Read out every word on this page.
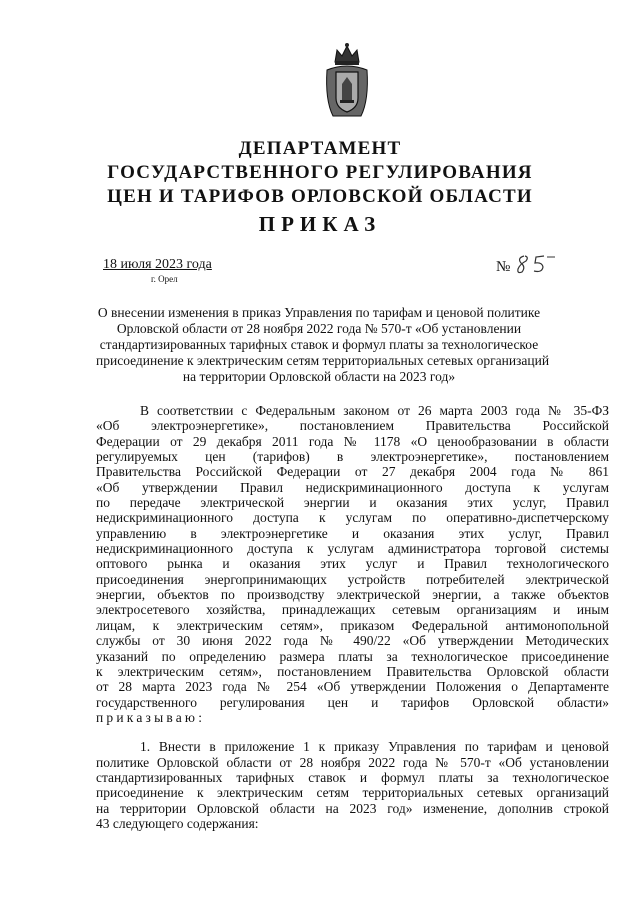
ДЕПАРТАМЕНТ
ГОСУДАРСТВЕННОГО РЕГУЛИРОВАНИЯ
ЦЕН И ТАРИФОВ ОРЛОВСКОЙ ОБЛАСТИ
ПРИКАЗ
18 июля 2023 года
г. Орел
№
О внесении изменения в приказ Управления по тарифам и ценовой политике
Орловской области от 28 ноября 2022 года № 570-т «Об установлении
стандартизированных тарифных ставок и формул платы за технологическое
присоединение к электрическим сетям территориальных сетевых организаций
на территории Орловской области на 2023 год»
В соответствии с Федеральным законом от 26 марта 2003 года № 35-ФЗ
«Об электроэнергетике», постановлением Правительства Российской
Федерации от 29 декабря 2011 года № 1178 «О ценообразовании в области
регулируемых цен (тарифов) в электроэнергетике», постановлением
Правительства Российской Федерации от 27 декабря 2004 года № 861
«Об утверждении Правил недискриминационного доступа к услугам
по передаче электрической энергии и оказания этих услуг, Правил
недискриминационного доступа к услугам по оперативно-диспетчерскому
управлению в электроэнергетике и оказания этих услуг, Правил
недискриминационного доступа к услугам администратора торговой системы
оптового рынка и оказания этих услуг и Правил технологического
присоединения энергопринимающих устройств потребителей электрической
энергии, объектов по производству электрической энергии, а также объектов
электросетевого хозяйства, принадлежащих сетевым организациям и иным
лицам, к электрическим сетям», приказом Федеральной антимонопольной
службы от 30 июня 2022 года № 490/22 «Об утверждении Методических
указаний по определению размера платы за технологическое присоединение
к электрическим сетям», постановлением Правительства Орловской области
от 28 марта 2023 года № 254 «Об утверждении Положения о Департаменте
государственного регулирования цен и тарифов Орловской области»
приказываю:
1. Внести в приложение 1 к приказу Управления по тарифам и ценовой
политике Орловской области от 28 ноября 2022 года № 570-т «Об установлении
стандартизированных тарифных ставок и формул платы за технологическое
присоединение к электрическим сетям территориальных сетевых организаций
на территории Орловской области на 2023 год» изменение, дополнив строкой
43 следующего содержания:
